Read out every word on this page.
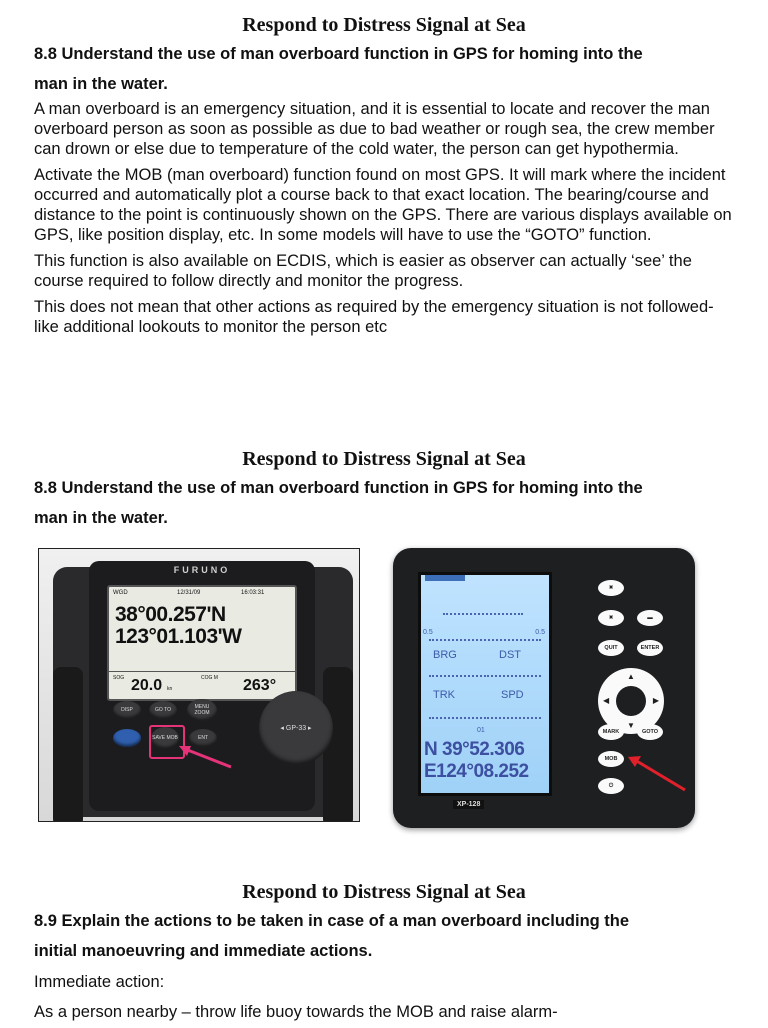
Respond to Distress Signal at Sea
8.8 Understand the use of man overboard function in GPS for homing into the
man in the water.

A man overboard is an emergency situation, and it is essential to locate and recover the man overboard person as soon as possible as due to bad weather or rough sea, the crew member can drown or else due to temperature of the cold water, the person can get hypothermia.

Activate the MOB (man overboard) function found on most GPS. It will mark where the incident occurred and automatically plot a course back to that exact location. The bearing/course and distance to the point is continuously shown on the GPS. There are various displays available on GPS, like position display, etc. In some models will have to use the “GOTO” function.

This function is also available on ECDIS, which is easier as observer can actually ‘see’ the course required to follow directly and monitor the progress.

This does not mean that other actions as required by the emergency situation is not followed- like additional lookouts to monitor the person etc

Respond to Distress Signal at Sea
8.8 Understand the use of man overboard function in GPS for homing into the
man in the water.
FURUNO
WGD	12/31/09	16:03:31
38°00.257'N
123°01.103'W
SOG 20.0 kn
COG M 263°
DISP	GO TO	MENU ZOOM
SAVE MOB	ENT
◂ GP-33 ▸
0.5	0.5
BRG	DST
TRK	SPD
01
N 39°52.306
E124°08.252
XP-128
✖
✖	▬
QUIT	ENTER
▲
▼
◀	▶
MARK	GOTO
MOB
⏻
Respond to Distress Signal at Sea
8.9 Explain the actions to be taken in case of a man overboard including the
initial manoeuvring and immediate actions.

Immediate action:

As a person nearby – throw life buoy towards the MOB and raise alarm-
